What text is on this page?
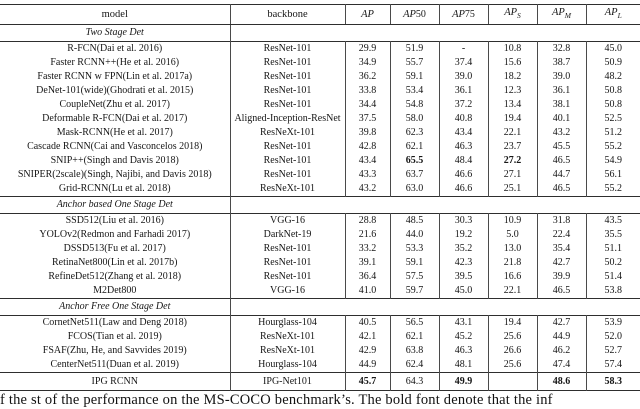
model	backbone	AP	AP50	AP75	$AP_S$	$AP_M$	$AP_L$
Two Stage Det							
R-FCN(Dai et al. 2016)	ResNet-101	29.9	51.9	-	10.8	32.8	45.0
Faster RCNN++(He et al. 2016)	ResNet-101	34.9	55.7	37.4	15.6	38.7	50.9
Faster RCNN w FPN(Lin et al. 2017a)	ResNet-101	36.2	59.1	39.0	18.2	39.0	48.2
DeNet-101(wide)(Ghodrati et al. 2015)	ResNet-101	33.8	53.4	36.1	12.3	36.1	50.8
CoupleNet(Zhu et al. 2017)	ResNet-101	34.4	54.8	37.2	13.4	38.1	50.8
Deformable R-FCN(Dai et al. 2017)	Aligned-Inception-ResNet	37.5	58.0	40.8	19.4	40.1	52.5
Mask-RCNN(He et al. 2017)	ResNeXt-101	39.8	62.3	43.4	22.1	43.2	51.2
Cascade RCNN(Cai and Vasconcelos 2018)	ResNet-101	42.8	62.1	46.3	23.7	45.5	55.2
SNIP++(Singh and Davis 2018)	ResNet-101	43.4	65.5	48.4	27.2	46.5	54.9
SNIPER(2scale)(Singh, Najibi, and Davis 2018)	ResNet-101	43.3	63.7	46.6	27.1	44.7	56.1
Grid-RCNN(Lu et al. 2018)	ResNeXt-101	43.2	63.0	46.6	25.1	46.5	55.2
Anchor based One Stage Det							
SSD512(Liu et al. 2016)	VGG-16	28.8	48.5	30.3	10.9	31.8	43.5
YOLOv2(Redmon and Farhadi 2017)	DarkNet-19	21.6	44.0	19.2	5.0	22.4	35.5
DSSD513(Fu et al. 2017)	ResNet-101	33.2	53.3	35.2	13.0	35.4	51.1
RetinaNet800(Lin et al. 2017b)	ResNet-101	39.1	59.1	42.3	21.8	42.7	50.2
RefineDet512(Zhang et al. 2018)	ResNet-101	36.4	57.5	39.5	16.6	39.9	51.4
M2Det800	VGG-16	41.0	59.7	45.0	22.1	46.5	53.8
Anchor Free One Stage Det							
CornetNet511(Law and Deng 2018)	Hourglass-104	40.5	56.5	43.1	19.4	42.7	53.9
FCOS(Tian et al. 2019)	ResNeXt-101	42.1	62.1	45.2	25.6	44.9	52.0
FSAF(Zhu, He, and Savvides 2019)	ResNeXt-101	42.9	63.8	46.3	26.6	46.2	52.7
CenterNet511(Duan et al. 2019)	Hourglass-104	44.9	62.4	48.1	25.6	47.4	57.4
IPG RCNN	IPG-Net101	45.7	64.3	49.9		48.6	58.3
f the st of the performance on the MS-COCO benchmark’s. The bold font denote that the inf
